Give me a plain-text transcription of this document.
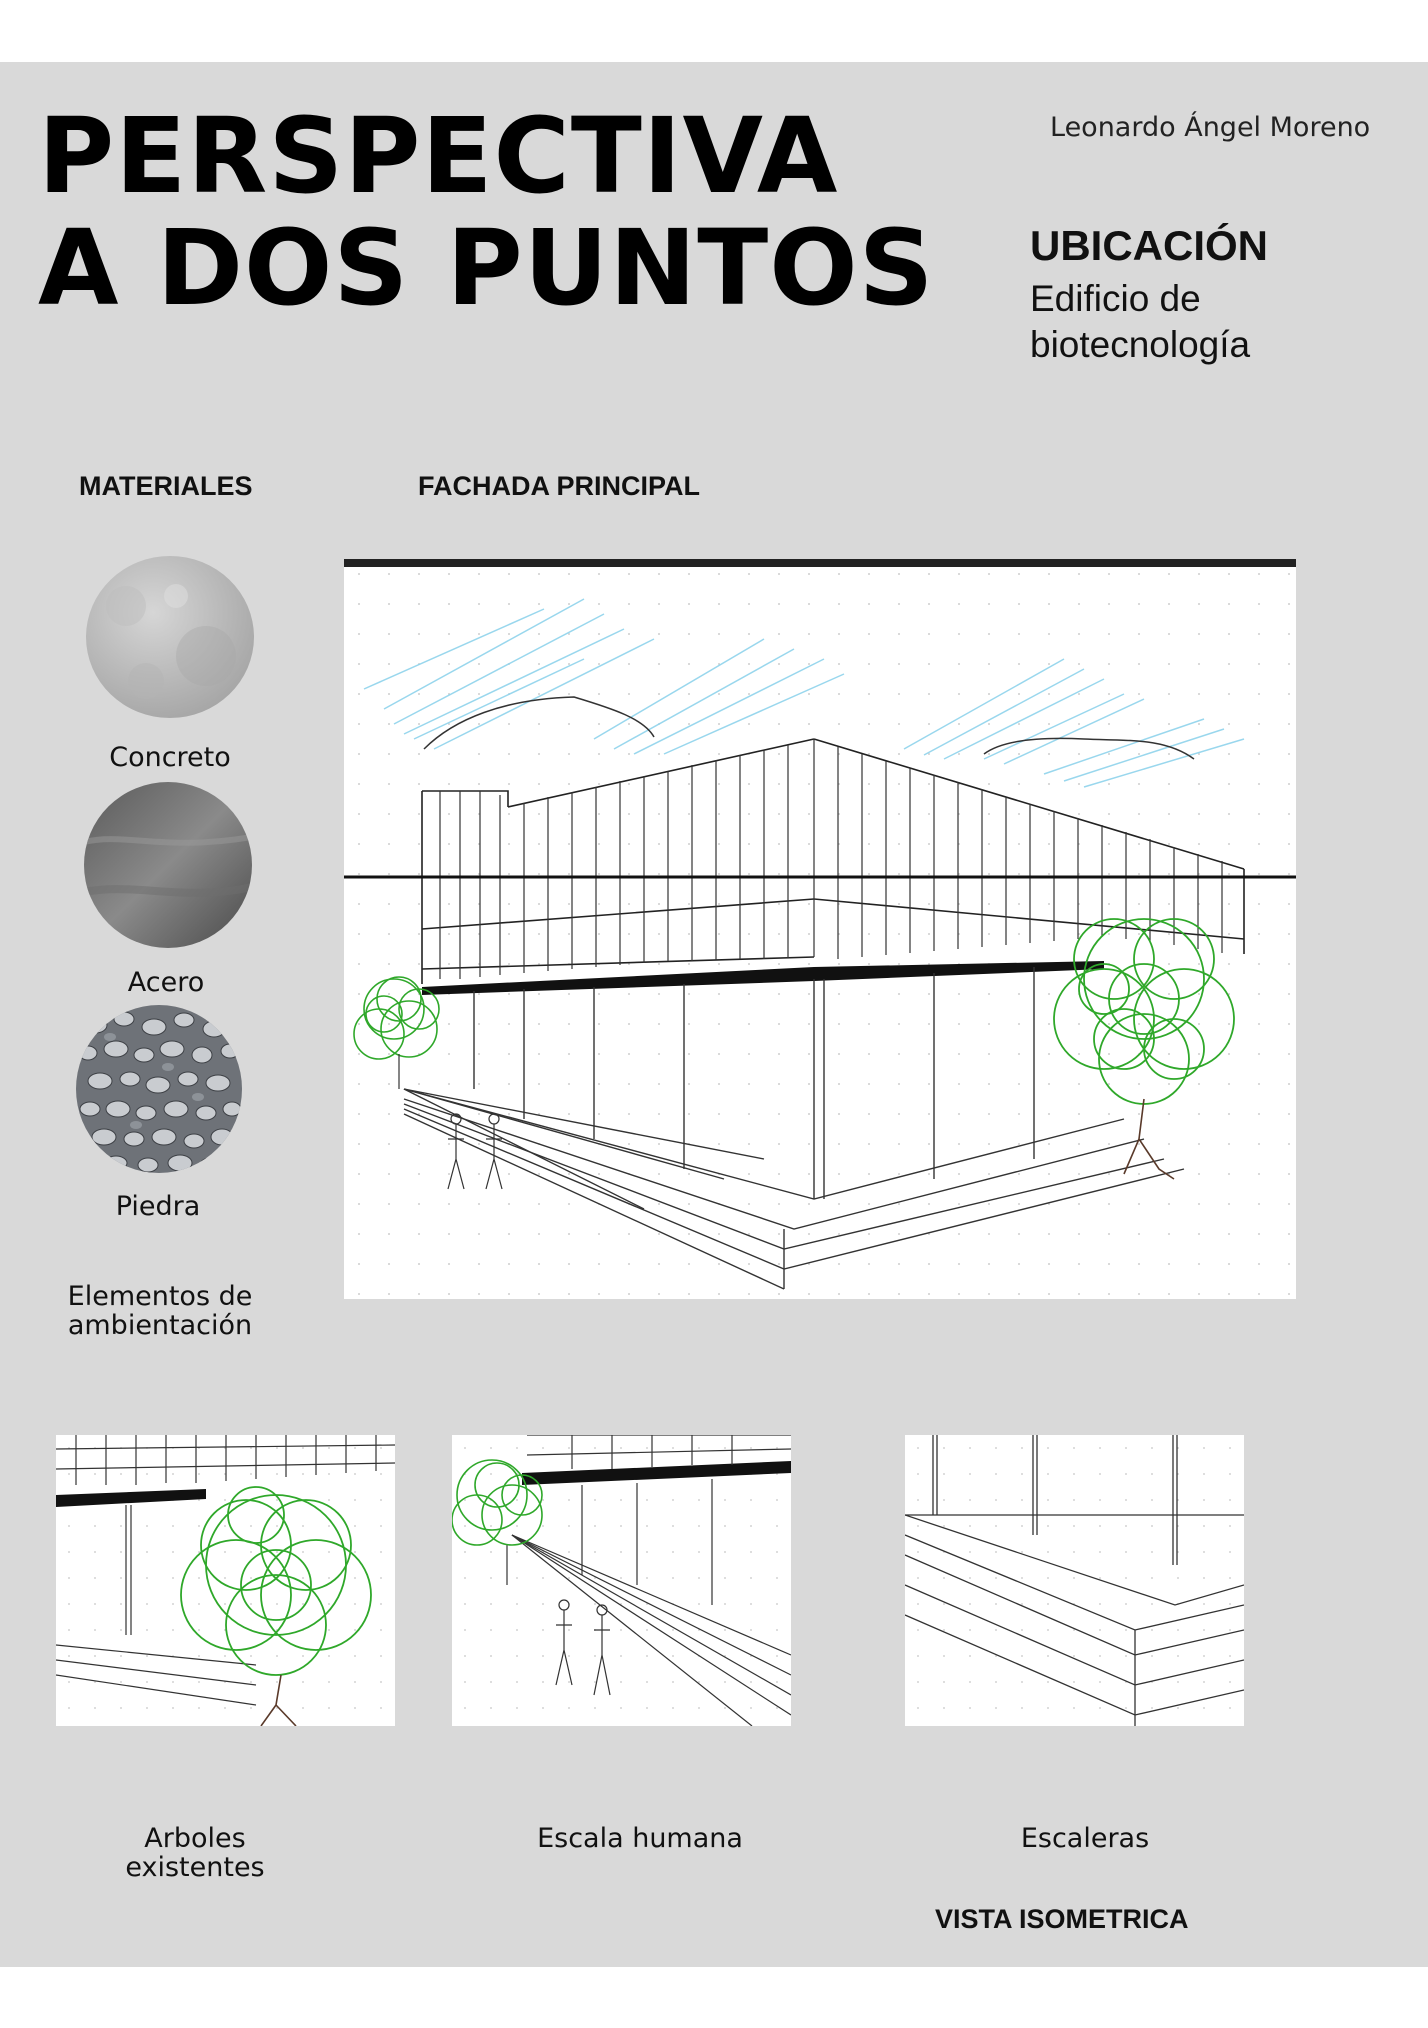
PERSPECTIVA
A DOS PUNTOS
Leonardo Ángel Moreno
UBICACIÓN
Edificio de biotecnología
MATERIALES	FACHADA PRINCIPAL
Concreto
Acero
Piedra
Elementos de ambientación
Arboles existentes
Escala humana	Escaleras
VISTA ISOMETRICA
